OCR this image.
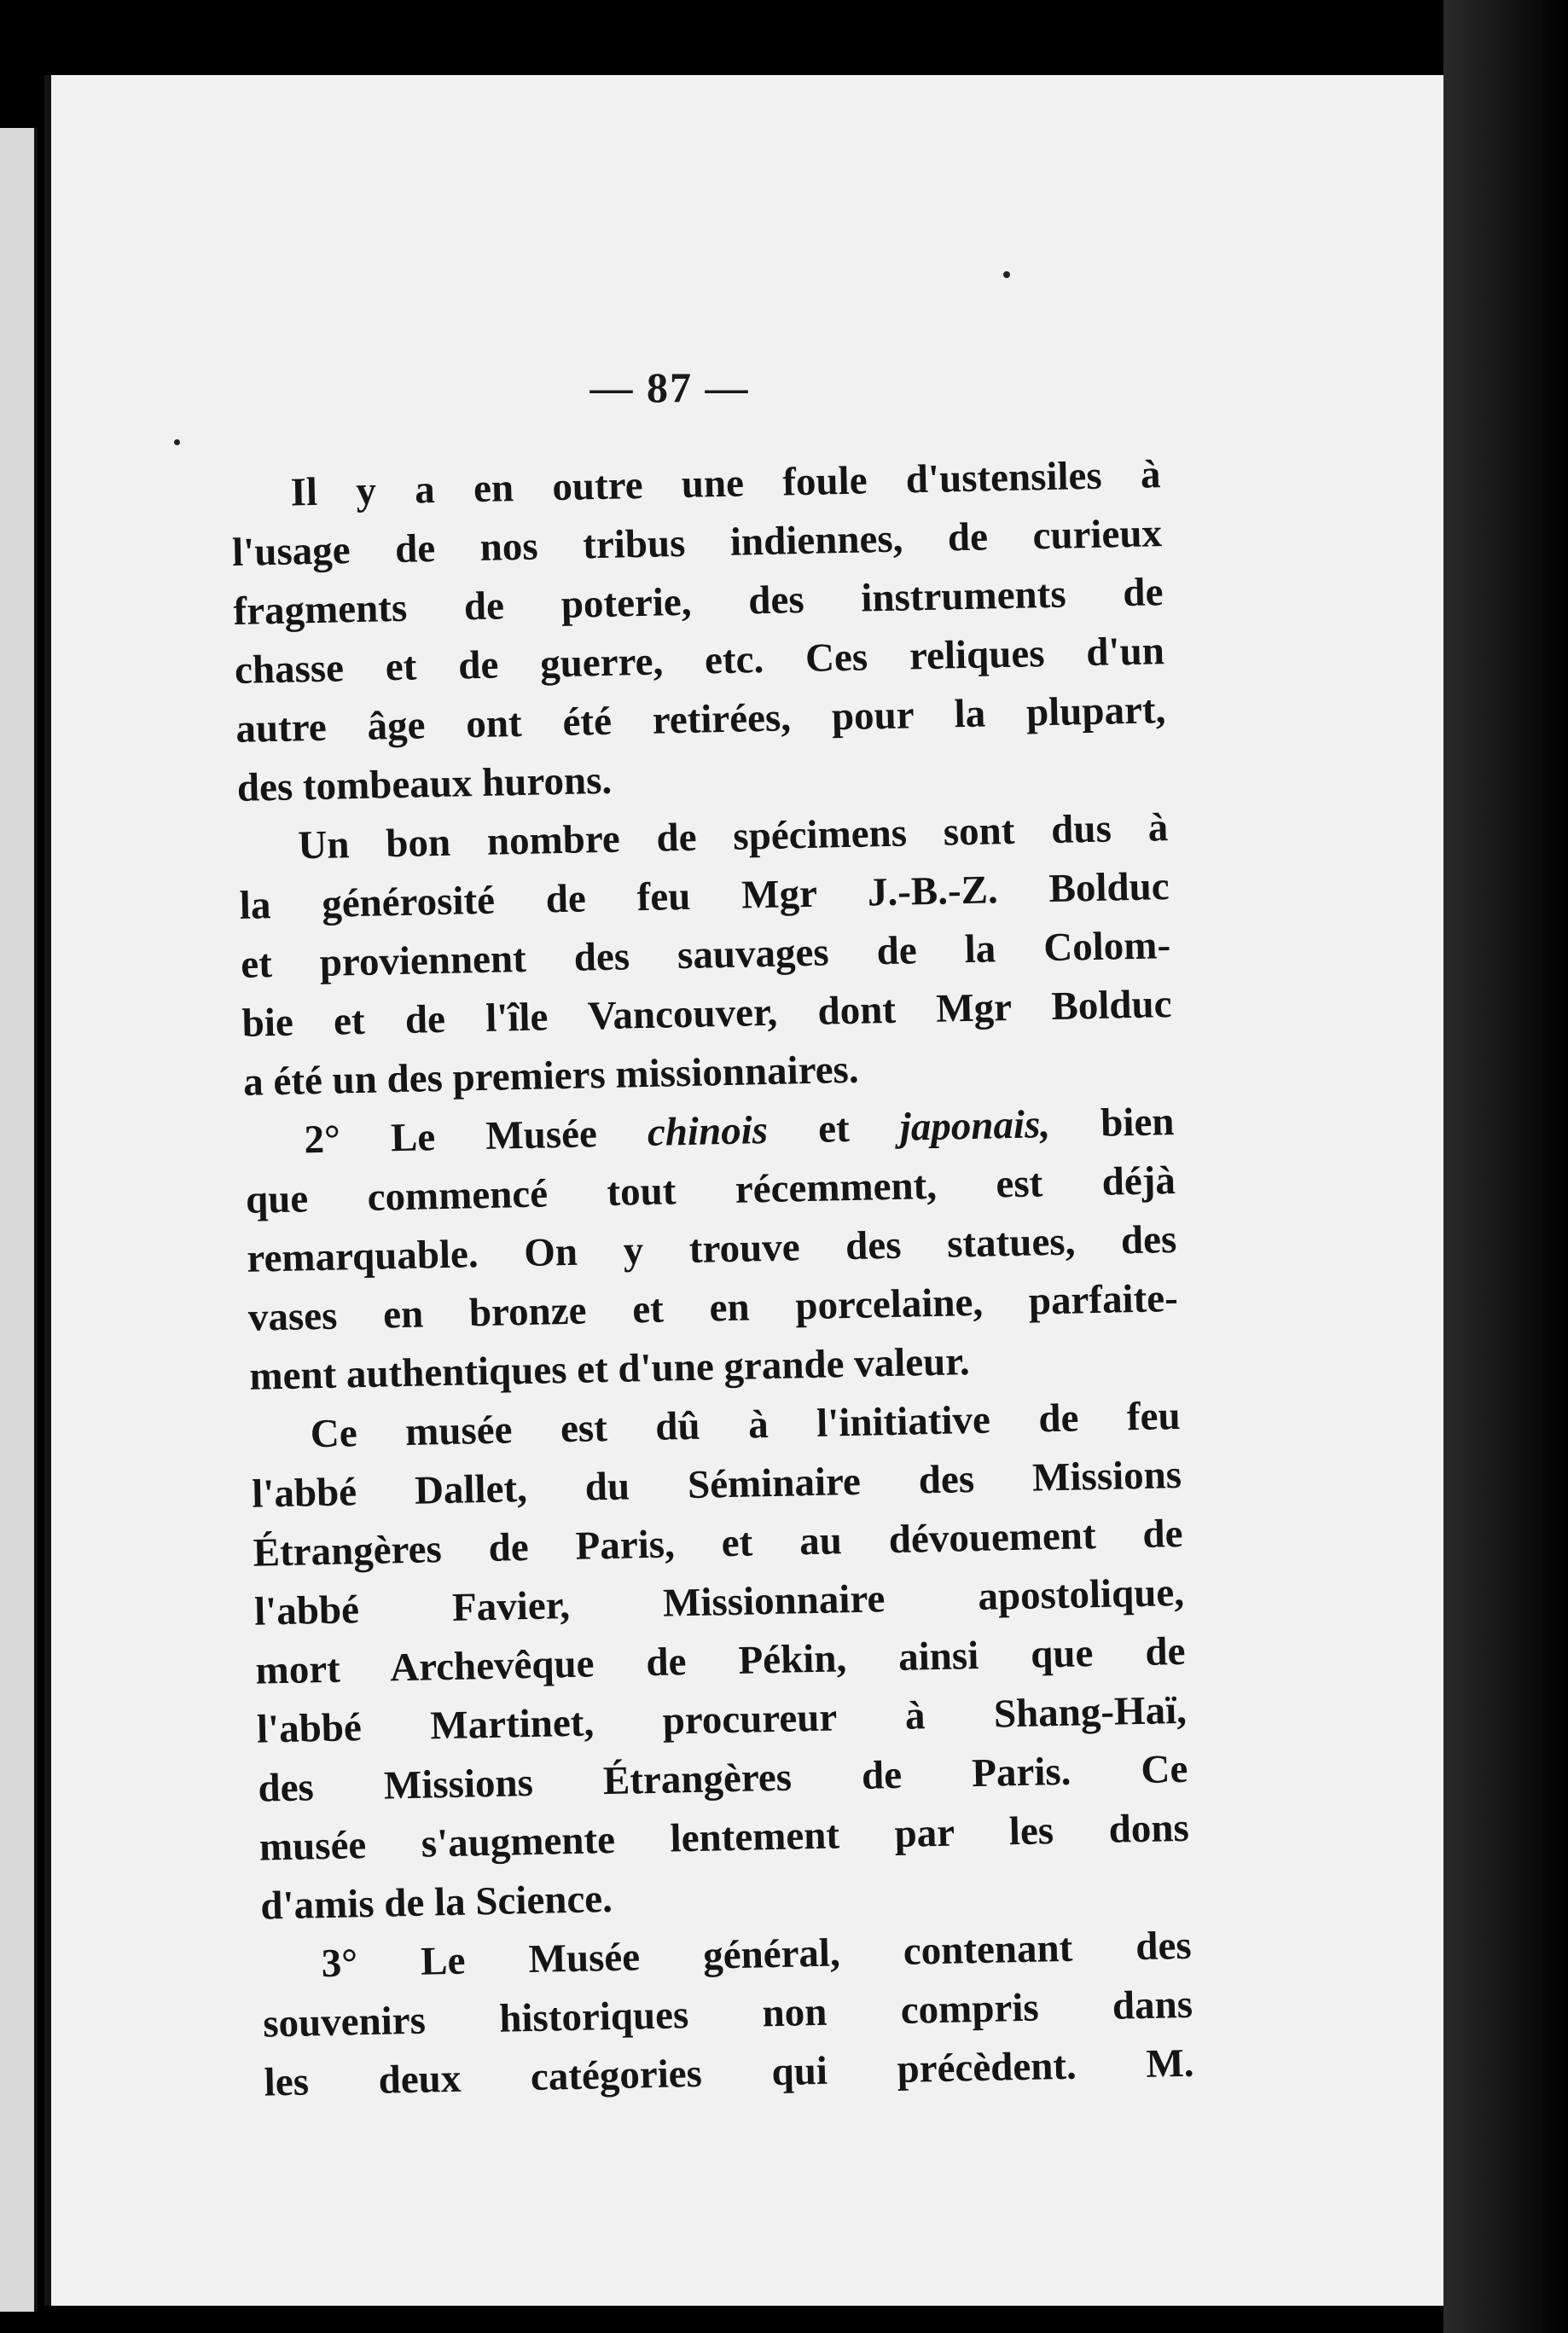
— 87 —
Il y a en outre une foule d'ustensiles à
l'usage de nos tribus indiennes, de curieux
fragments de poterie, des instruments de
chasse et de guerre, etc. Ces reliques d'un
autre âge ont été retirées, pour la plupart,
des tombeaux hurons.
Un bon nombre de spécimens sont dus à
la générosité de feu Mgr J.-B.-Z. Bolduc
et proviennent des sauvages de la Colom-
bie et de l'île Vancouver, dont Mgr Bolduc
a été un des premiers missionnaires.
2° Le Musée chinois et japonais, bien
que commencé tout récemment, est déjà
remarquable. On y trouve des statues, des
vases en bronze et en porcelaine, parfaite-
ment authentiques et d'une grande valeur.
Ce musée est dû à l'initiative de feu
l'abbé Dallet, du Séminaire des Missions
Étrangères de Paris, et au dévouement de
l'abbé Favier, Missionnaire apostolique,
mort Archevêque de Pékin, ainsi que de
l'abbé Martinet, procureur à Shang-Haï,
des Missions Étrangères de Paris. Ce
musée s'augmente lentement par les dons
d'amis de la Science.
3° Le Musée général, contenant des
souvenirs historiques non compris dans
les deux catégories qui précèdent. M.
